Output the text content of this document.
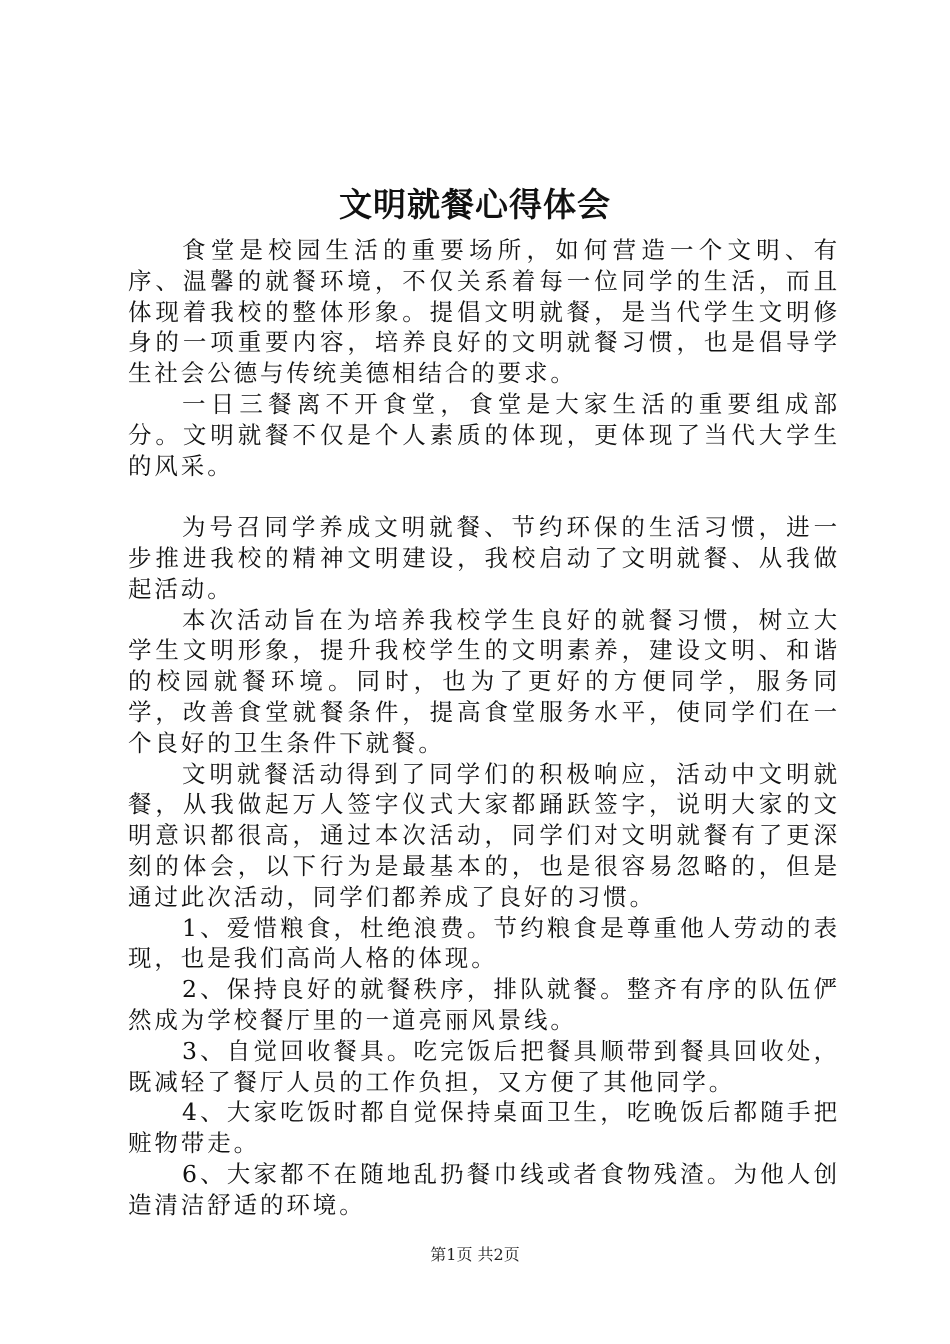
文明就餐心得体会

食堂是校园生活的重要场所，如何营造一个文明、有序、温馨的就餐环境，不仅关系着每一位同学的生活，而且体现着我校的整体形象。提倡文明就餐，是当代学生文明修身的一项重要内容，培养良好的文明就餐习惯，也是倡导学生社会公德与传统美德相结合的要求。

一日三餐离不开食堂，食堂是大家生活的重要组成部分。文明就餐不仅是个人素质的体现，更体现了当代大学生的风采。

为号召同学养成文明就餐、节约环保的生活习惯，进一步推进我校的精神文明建设，我校启动了文明就餐、从我做起活动。

本次活动旨在为培养我校学生良好的就餐习惯，树立大学生文明形象，提升我校学生的文明素养，建设文明、和谐的校园就餐环境。同时，也为了更好的方便同学，服务同学，改善食堂就餐条件，提高食堂服务水平，使同学们在一个良好的卫生条件下就餐。

文明就餐活动得到了同学们的积极响应，活动中文明就餐，从我做起万人签字仪式大家都踊跃签字，说明大家的文明意识都很高，通过本次活动，同学们对文明就餐有了更深刻的体会，以下行为是最基本的，也是很容易忽略的，但是通过此次活动，同学们都养成了良好的习惯。

1、爱惜粮食，杜绝浪费。节约粮食是尊重他人劳动的表现，也是我们高尚人格的体现。

2、保持良好的就餐秩序，排队就餐。整齐有序的队伍俨然成为学校餐厅里的一道亮丽风景线。

3、自觉回收餐具。吃完饭后把餐具顺带到餐具回收处，既减轻了餐厅人员的工作负担，又方便了其他同学。

4、大家吃饭时都自觉保持桌面卫生，吃晚饭后都随手把赃物带走。

6、大家都不在随地乱扔餐巾线或者食物残渣。为他人创造清洁舒适的环境。

第1页 共2页
